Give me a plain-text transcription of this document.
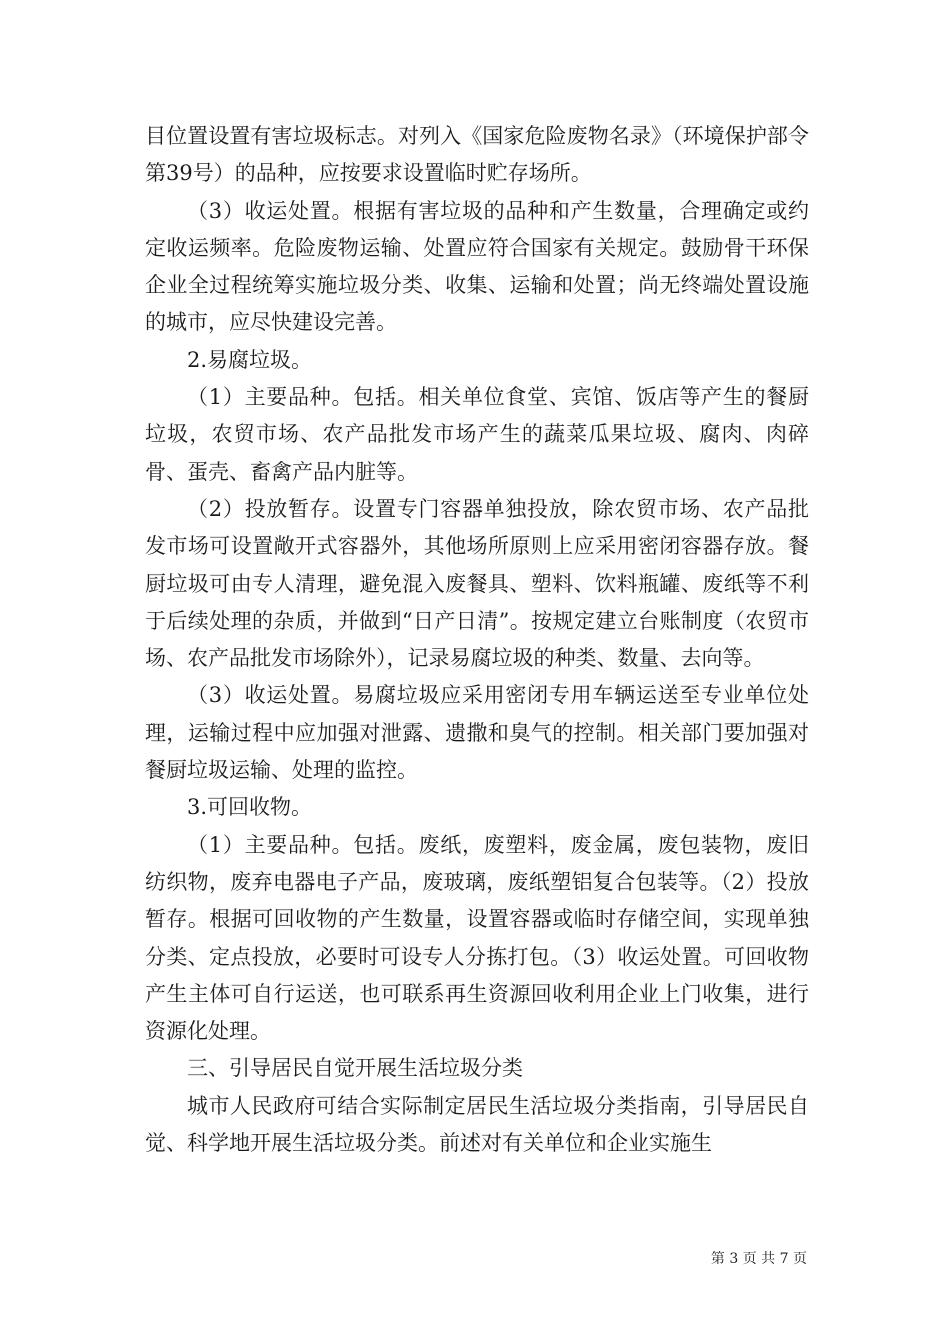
目位置设置有害垃圾标志。对列入《国家危险废物名录》（环境保护部令第39号）的品种，应按要求设置临时贮存场所。

（3）收运处置。根据有害垃圾的品种和产生数量，合理确定或约定收运频率。危险废物运输、处置应符合国家有关规定。鼓励骨干环保企业全过程统筹实施垃圾分类、收集、运输和处置；尚无终端处置设施的城市，应尽快建设完善。

2.易腐垃圾。

（1）主要品种。包括。相关单位食堂、宾馆、饭店等产生的餐厨垃圾，农贸市场、农产品批发市场产生的蔬菜瓜果垃圾、腐肉、肉碎骨、蛋壳、畜禽产品内脏等。

（2）投放暂存。设置专门容器单独投放，除农贸市场、农产品批发市场可设置敞开式容器外，其他场所原则上应采用密闭容器存放。餐厨垃圾可由专人清理，避免混入废餐具、塑料、饮料瓶罐、废纸等不利于后续处理的杂质，并做到“日产日清”。按规定建立台账制度（农贸市场、农产品批发市场除外），记录易腐垃圾的种类、数量、去向等。

（3）收运处置。易腐垃圾应采用密闭专用车辆运送至专业单位处理，运输过程中应加强对泄露、遗撒和臭气的控制。相关部门要加强对餐厨垃圾运输、处理的监控。

3.可回收物。

（1）主要品种。包括。废纸，废塑料，废金属，废包装物，废旧纺织物，废弃电器电子产品，废玻璃，废纸塑铝复合包装等。（2）投放暂存。根据可回收物的产生数量，设置容器或临时存储空间，实现单独分类、定点投放，必要时可设专人分拣打包。（3）收运处置。可回收物产生主体可自行运送，也可联系再生资源回收利用企业上门收集，进行资源化处理。

三、引导居民自觉开展生活垃圾分类

城市人民政府可结合实际制定居民生活垃圾分类指南，引导居民自觉、科学地开展生活垃圾分类。前述对有关单位和企业实施生

第 3 页 共 7 页
